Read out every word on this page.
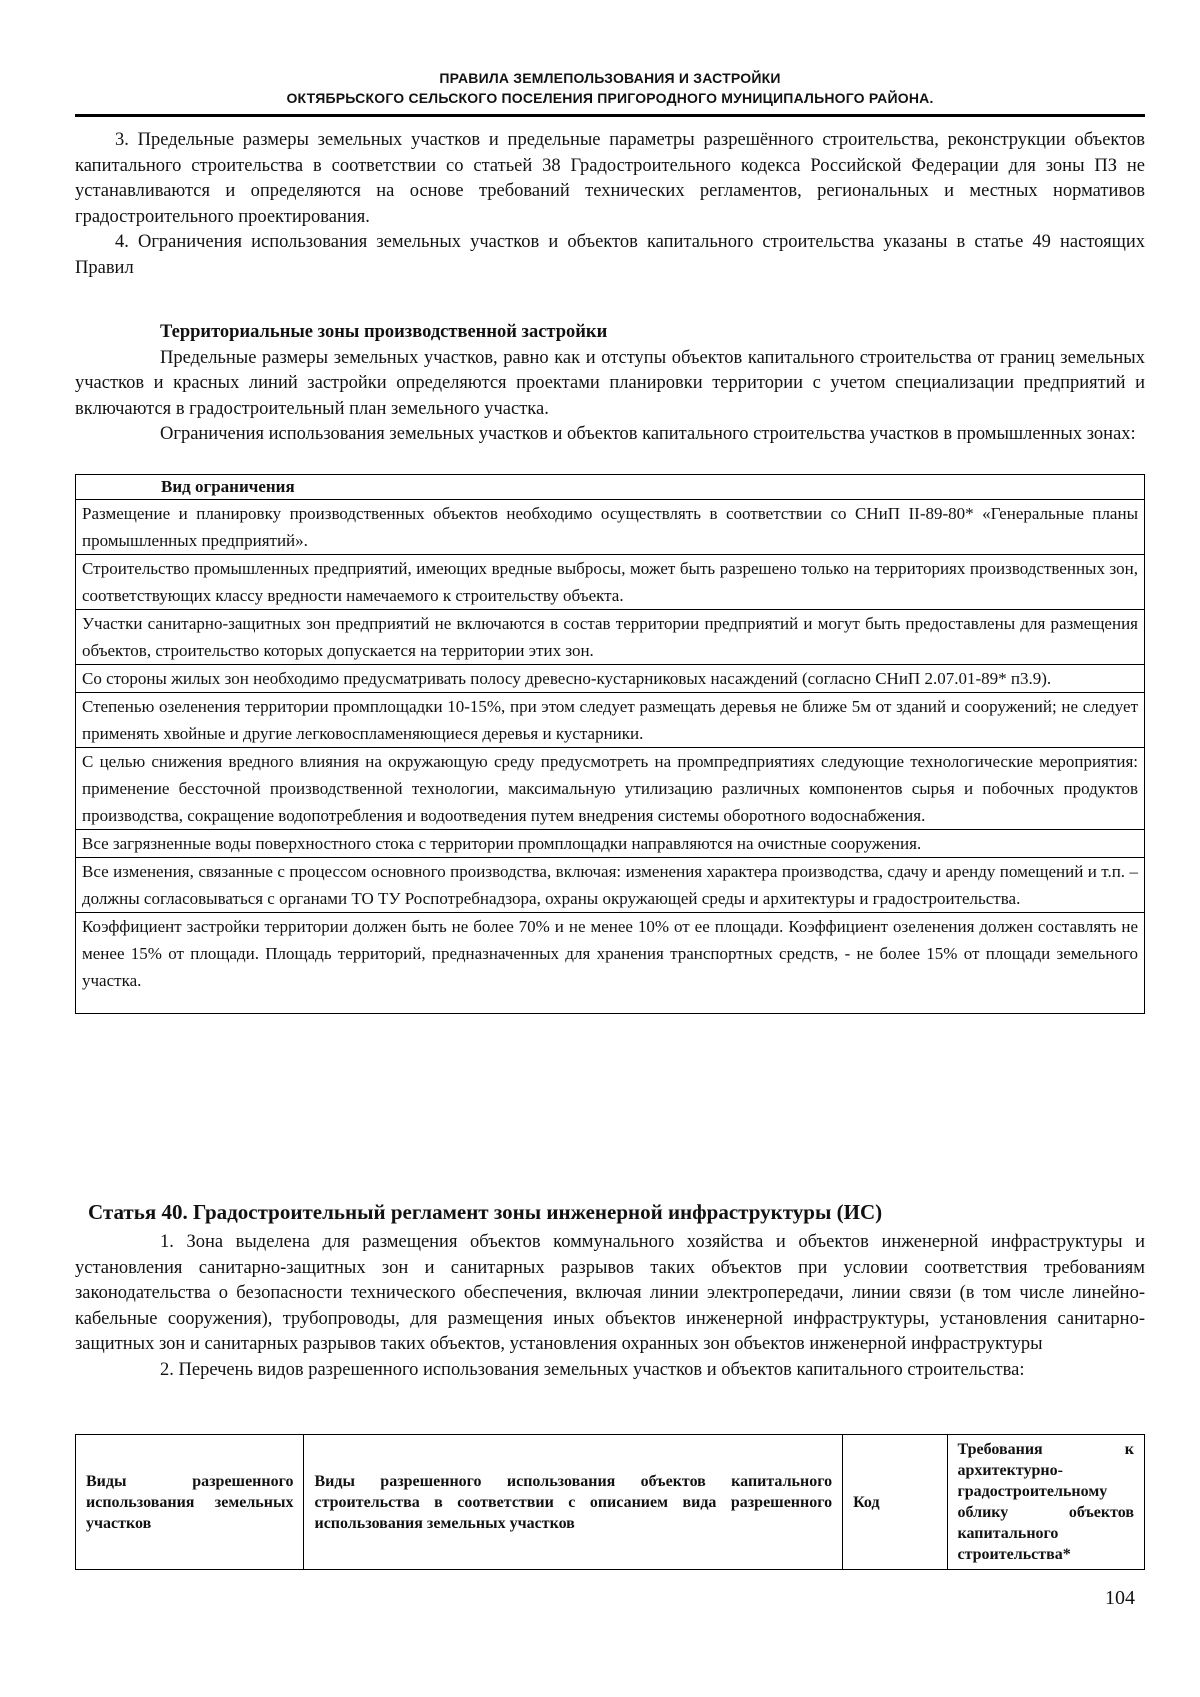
ПРАВИЛА ЗЕМЛЕПОЛЬЗОВАНИЯ И ЗАСТРОЙКИ
ОКТЯБРЬСКОГО СЕЛЬСКОГО ПОСЕЛЕНИЯ ПРИГОРОДНОГО МУНИЦИПАЛЬНОГО РАЙОНА.

3. Предельные размеры земельных участков и предельные параметры разрешённого строительства, реконструкции объектов капитального строительства в соответствии со статьей 38 Градостроительного кодекса Российской Федерации для зоны ПЗ не устанавливаются и определяются на основе требований технических регламентов, региональных и местных нормативов градостроительного проектирования.

4. Ограничения использования земельных участков и объектов капитального строительства указаны в статье 49 настоящих Правил

Территориальные зоны производственной застройки

Предельные размеры земельных участков, равно как и отступы объектов капитального строительства от границ земельных участков и красных линий застройки определяются проектами планировки территории с учетом специализации предприятий и включаются в градостроительный план земельного участка.

Ограничения использования земельных участков и объектов капитального строительства участков в промышленных зонах:

Вид ограничения
Размещение и планировку производственных объектов необходимо осуществлять в соответствии со СНиП II-89-80* «Генеральные планы промышленных предприятий».
Строительство промышленных предприятий, имеющих вредные выбросы, может быть разрешено только на территориях производственных зон, соответствующих классу вредности намечаемого к строительству объекта.
Участки санитарно-защитных зон предприятий не включаются в состав территории предприятий и могут быть предоставлены для размещения объектов, строительство которых допускается на территории этих зон.
Со стороны жилых зон необходимо предусматривать полосу древесно-кустарниковых насаждений (согласно СНиП 2.07.01-89* п3.9).
Степенью озеленения территории промплощадки 10-15%, при этом следует размещать деревья не ближе 5м от зданий и сооружений; не следует применять хвойные и другие легковоспламеняющиеся деревья и кустарники.
С целью снижения вредного влияния на окружающую среду предусмотреть на промпредприятиях следующие технологические мероприятия: применение бессточной производственной технологии, максимальную утилизацию различных компонентов сырья и побочных продуктов производства, сокращение водопотребления и водоотведения путем внедрения системы оборотного водоснабжения.
Все загрязненные воды поверхностного стока с территории промплощадки направляются на очистные сооружения.
Все изменения, связанные с процессом основного производства, включая: изменения характера производства, сдачу и аренду помещений и т.п. – должны согласовываться с органами ТО ТУ Роспотребнадзора, охраны окружающей среды и архитектуры и градостроительства.
Коэффициент застройки территории должен быть не более 70% и не менее 10% от ее площади. Коэффициент озеленения должен составлять не менее 15% от площади. Площадь территорий, предназначенных для хранения транспортных средств, - не более 15% от площади земельного участка.
Статья 40. Градостроительный регламент зоны инженерной инфраструктуры (ИС)

1. Зона выделена для размещения объектов коммунального хозяйства и объектов инженерной инфраструктуры и установления санитарно-защитных зон и санитарных разрывов таких объектов при условии соответствия требованиям законодательства о безопасности технического обеспечения, включая линии электропередачи, линии связи (в том числе линейно-кабельные сооружения), трубопроводы, для размещения иных объектов инженерной инфраструктуры, установления санитарно-защитных зон и санитарных разрывов таких объектов, установления охранных зон объектов инженерной инфраструктуры

2. Перечень видов разрешенного использования земельных участков и объектов капитального строительства:

Виды разрешенного использования земельных участков	Виды разрешенного использования объектов капитального строительства в соответствии с описанием вида разрешенного использования земельных участков	Код	Требования к архитектурно-градостроительному облику объектов капитального строительства*
104
